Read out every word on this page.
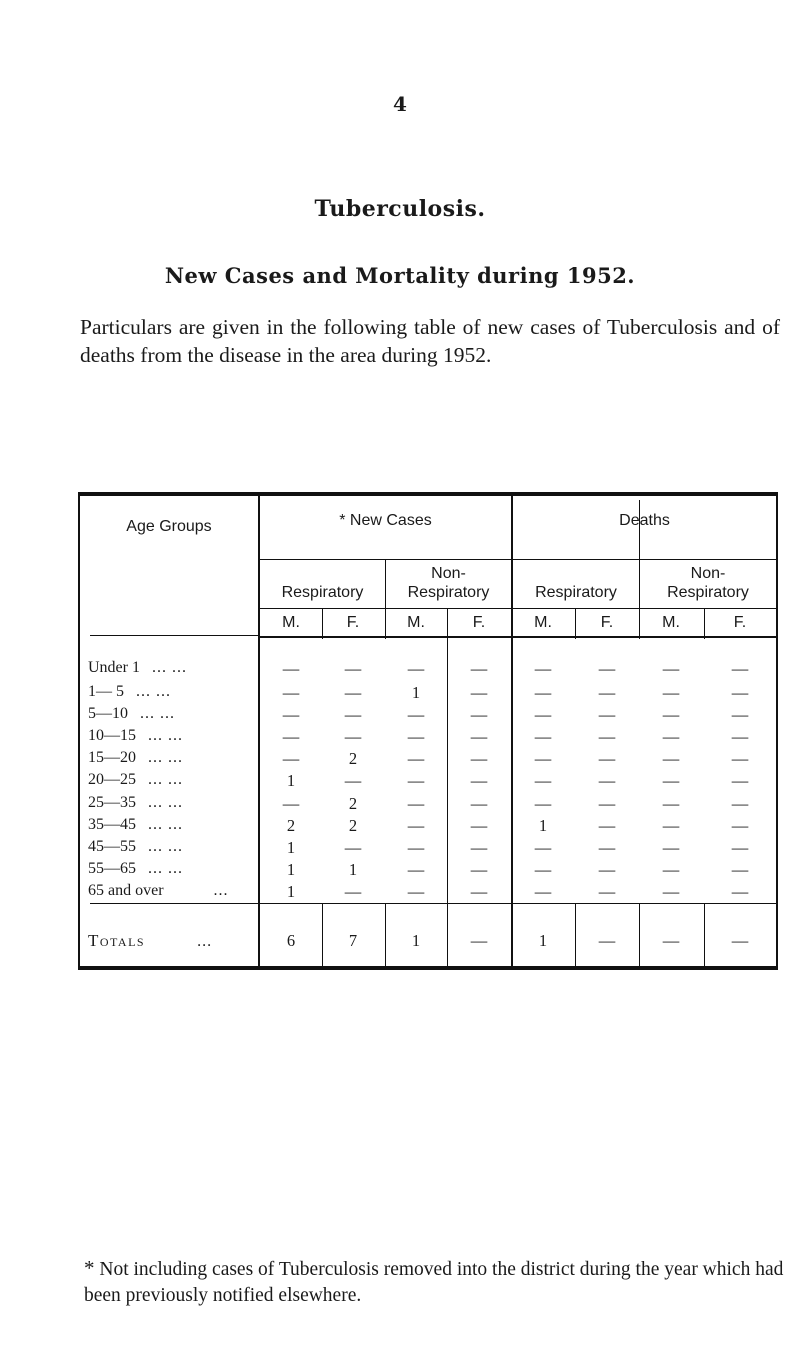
4
Tuberculosis.
New Cases and Mortality during 1952.
Particulars are given in the following table of new cases of Tuberculosis and of deaths from the disease in the area during 1952.
Age Groups	* New Cases	Deaths
Respiratory
Non-
Respiratory	Respiratory
Non-
Respiratory
M.	F.	M.	F.	M.	F.	M.	F.
Under 1 ... ...	—	—	—	—	—	—	—	—
1— 5 ... ...	—	—	1	—	—	—	—	—
5—10 ... ...	—	—	—	—	—	—	—	—
10—15 ... ...	—	—	—	—	—	—	—	—
15—20 ... ...	—	2	—	—	—	—	—	—
20—25 ... ...	1	—	—	—	—	—	—	—
25—35 ... ...	—	2	—	—	—	—	—	—
35—45 ... ...	2	2	—	—	1	—	—	—
45—55 ... ...	1	—	—	—	—	—	—	—
55—65 ... ...	1	1	—	—	—	—	—	—
65 and over	...	1	—	—	—	—	—	—	—
Totals	...	6	7	1	—	1	—	—	—
* Not including cases of Tuberculosis removed into the district during the year which had been previously notified elsewhere.
